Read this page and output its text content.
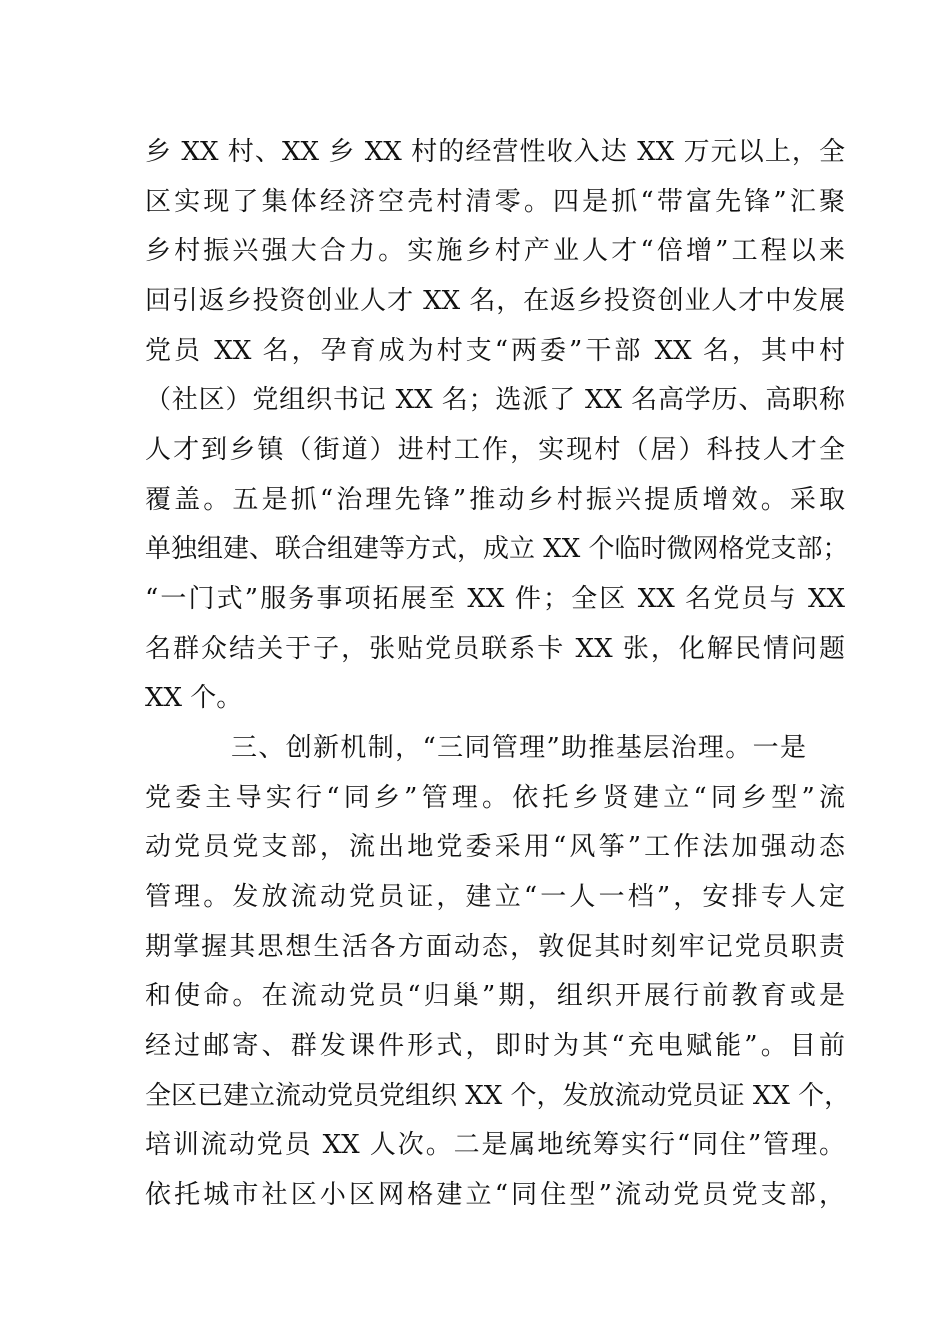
乡 XX 村、XX 乡 XX 村的经营性收入达 XX 万元以上，全
区实现了集体经济空壳村清零。四是抓“带富先锋”汇聚
乡村振兴强大合力。实施乡村产业人才“倍增”工程以来
回引返乡投资创业人才 XX 名，在返乡投资创业人才中发展
党员 XX 名，孕育成为村支“两委”干部 XX 名，其中村
（社区）党组织书记 XX 名；选派了 XX 名高学历、高职称
人才到乡镇（街道）进村工作，实现村（居）科技人才全
覆盖。五是抓“治理先锋”推动乡村振兴提质增效。采取
单独组建、联合组建等方式，成立 XX 个临时微网格党支部；
“一门式”服务事项拓展至 XX 件；全区 XX 名党员与 XX
名群众结关于子，张贴党员联系卡 XX 张，化解民情问题
XX 个。
三、创新机制，“三同管理”助推基层治理。一是
党委主导实行“同乡”管理。依托乡贤建立“同乡型”流
动党员党支部，流出地党委采用“风筝”工作法加强动态
管理。发放流动党员证，建立“一人一档”，安排专人定
期掌握其思想生活各方面动态，敦促其时刻牢记党员职责
和使命。在流动党员“归巢”期，组织开展行前教育或是
经过邮寄、群发课件形式，即时为其“充电赋能”。目前
全区已建立流动党员党组织 XX 个，发放流动党员证 XX 个，
培训流动党员 XX 人次。二是属地统筹实行“同住”管理。
依托城市社区小区网格建立“同住型”流动党员党支部，
